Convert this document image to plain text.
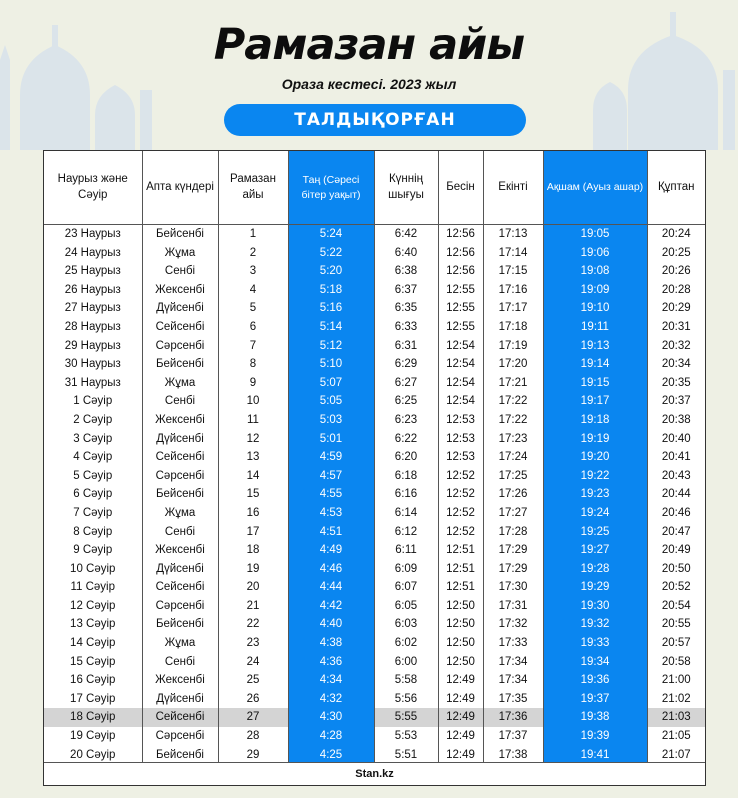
Рамазан айы
Ораза кестесі. 2023 жыл
ТАЛДЫҚОРҒАН
Наурыз және Сәуір	Апта күндері	Рамазан айы	Таң (Сәресі бітер уақыт)	Күннің шығуы	Бесін	Екінті	Ақшам (Ауыз ашар)	Құптан
23 Наурыз	Бейсенбі	1	5:24	6:42	12:56	17:13	19:05	20:24
24 Наурыз	Жұма	2	5:22	6:40	12:56	17:14	19:06	20:25
25 Наурыз	Сенбі	3	5:20	6:38	12:56	17:15	19:08	20:26
26 Наурыз	Жексенбі	4	5:18	6:37	12:55	17:16	19:09	20:28
27 Наурыз	Дүйсенбі	5	5:16	6:35	12:55	17:17	19:10	20:29
28 Наурыз	Сейсенбі	6	5:14	6:33	12:55	17:18	19:11	20:31
29 Наурыз	Сәрсенбі	7	5:12	6:31	12:54	17:19	19:13	20:32
30 Наурыз	Бейсенбі	8	5:10	6:29	12:54	17:20	19:14	20:34
31 Наурыз	Жұма	9	5:07	6:27	12:54	17:21	19:15	20:35
1 Сәуір	Сенбі	10	5:05	6:25	12:54	17:22	19:17	20:37
2 Сәуір	Жексенбі	11	5:03	6:23	12:53	17:22	19:18	20:38
3 Сәуір	Дүйсенбі	12	5:01	6:22	12:53	17:23	19:19	20:40
4 Сәуір	Сейсенбі	13	4:59	6:20	12:53	17:24	19:20	20:41
5 Сәуір	Сәрсенбі	14	4:57	6:18	12:52	17:25	19:22	20:43
6 Сәуір	Бейсенбі	15	4:55	6:16	12:52	17:26	19:23	20:44
7 Сәуір	Жұма	16	4:53	6:14	12:52	17:27	19:24	20:46
8 Сәуір	Сенбі	17	4:51	6:12	12:52	17:28	19:25	20:47
9 Сәуір	Жексенбі	18	4:49	6:11	12:51	17:29	19:27	20:49
10 Сәуір	Дүйсенбі	19	4:46	6:09	12:51	17:29	19:28	20:50
11 Сәуір	Сейсенбі	20	4:44	6:07	12:51	17:30	19:29	20:52
12 Сәуір	Сәрсенбі	21	4:42	6:05	12:50	17:31	19:30	20:54
13 Сәуір	Бейсенбі	22	4:40	6:03	12:50	17:32	19:32	20:55
14 Сәуір	Жұма	23	4:38	6:02	12:50	17:33	19:33	20:57
15 Сәуір	Сенбі	24	4:36	6:00	12:50	17:34	19:34	20:58
16 Сәуір	Жексенбі	25	4:34	5:58	12:49	17:34	19:36	21:00
17 Сәуір	Дүйсенбі	26	4:32	5:56	12:49	17:35	19:37	21:02
18 Сәуір	Сейсенбі	27	4:30	5:55	12:49	17:36	19:38	21:03
19 Сәуір	Сәрсенбі	28	4:28	5:53	12:49	17:37	19:39	21:05
20 Сәуір	Бейсенбі	29	4:25	5:51	12:49	17:38	19:41	21:07
Stan.kz
